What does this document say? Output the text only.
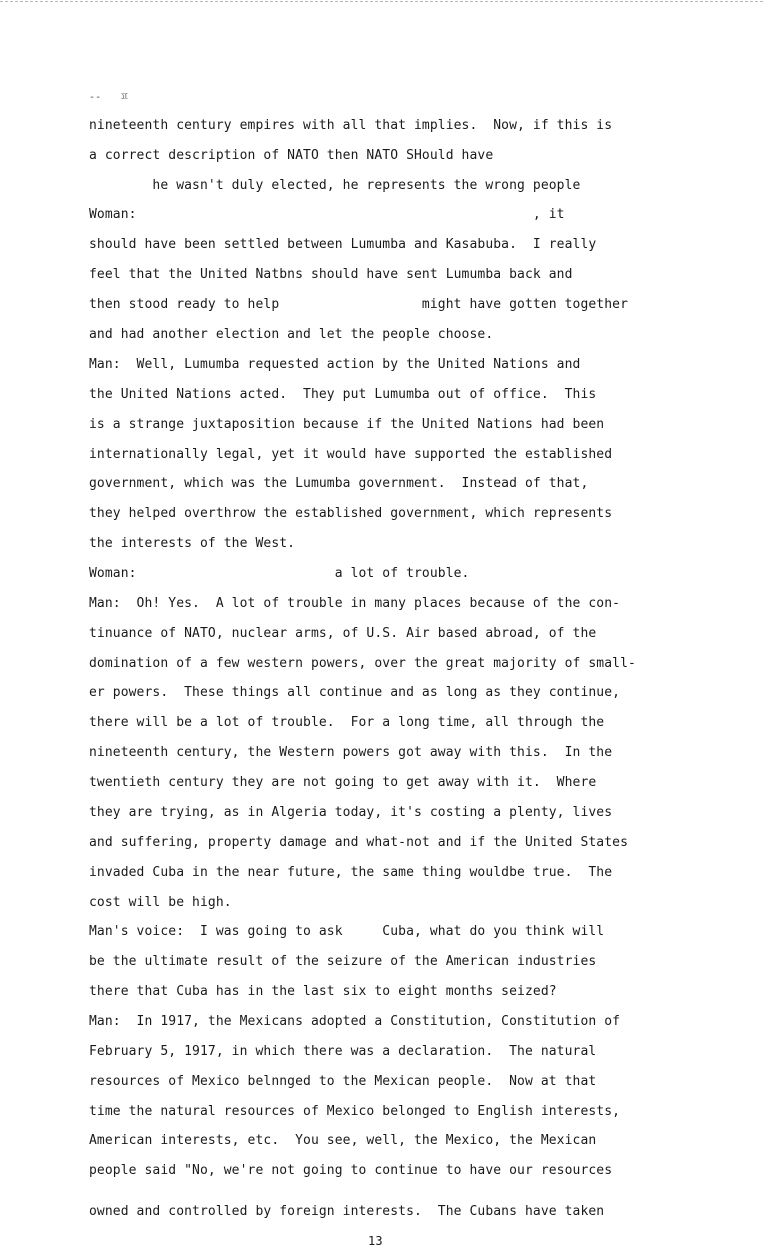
--   ㅍ
nineteenth century empires with all that implies.  Now, if this is
a correct description of NATO then NATO SHould have
he wasn't duly elected, he represents the wrong people
Woman:                                                  , it
should have been settled between Lumumba and Kasabuba.  I really
feel that the United Natbns should have sent Lumumba back and
then stood ready to help                  might have gotten together
and had another election and let the people choose.
Man:  Well, Lumumba requested action by the United Nations and
the United Nations acted.  They put Lumumba out of office.  This
is a strange juxtaposition because if the United Nations had been
internationally legal, yet it would have supported the established
government, which was the Lumumba government.  Instead of that,
they helped overthrow the established government, which represents
the interests of the West.
Woman:                         a lot of trouble.
Man:  Oh! Yes.  A lot of trouble in many places because of the con-
tinuance of NATO, nuclear arms, of U.S. Air based abroad, of the
domination of a few western powers, over the great majority of small-
er powers.  These things all continue and as long as they continue,
there will be a lot of trouble.  For a long time, all through the
nineteenth century, the Western powers got away with this.  In the
twentieth century they are not going to get away with it.  Where
they are trying, as in Algeria today, it's costing a plenty, lives
and suffering, property damage and what-not and if the United States
invaded Cuba in the near future, the same thing wouldbe true.  The
cost will be high.
Man's voice:  I was going to ask     Cuba, what do you think will
be the ultimate result of the seizure of the American industries
there that Cuba has in the last six to eight months seized?
Man:  In 1917, the Mexicans adopted a Constitution, Constitution of
February 5, 1917, in which there was a declaration.  The natural
resources of Mexico belnnged to the Mexican people.  Now at that
time the natural resources of Mexico belonged to English interests,
American interests, etc.  You see, well, the Mexico, the Mexican
people said "No, we're not going to continue to have our resources
owned and controlled by foreign interests.  The Cubans have taken
13
